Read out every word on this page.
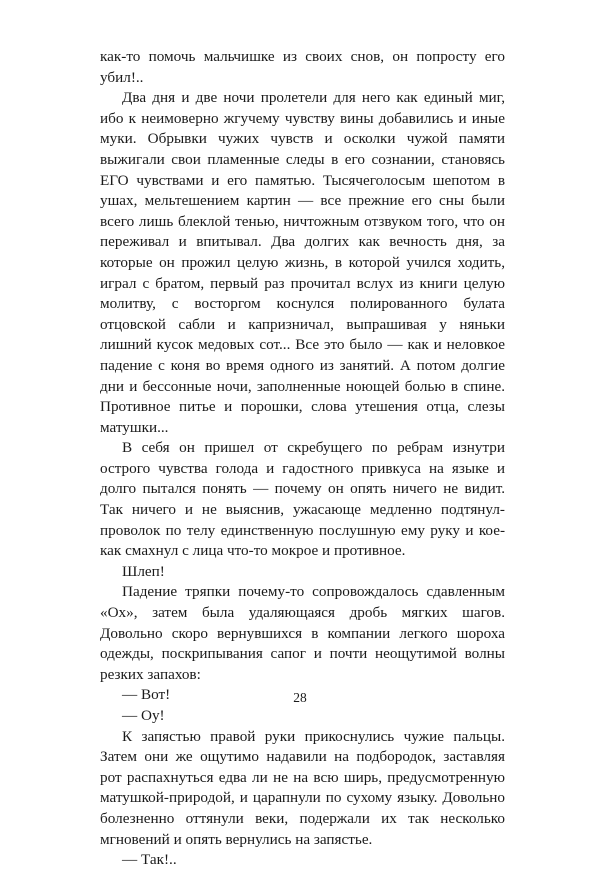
как-то помочь мальчишке из своих снов, он попросту его убил!..

Два дня и две ночи пролетели для него как единый миг, ибо к неимоверно жгучему чувству вины добавились и иные муки. Обрывки чужих чувств и осколки чужой памяти выжигали свои пламенные следы в его сознании, становясь ЕГО чувствами и его памятью. Тысячеголосым шепотом в ушах, мельтешением картин — все прежние его сны были всего лишь блеклой тенью, ничтожным отзвуком того, что он переживал и впитывал. Два долгих как вечность дня, за которые он прожил целую жизнь, в которой учился ходить, играл с братом, первый раз прочитал вслух из книги целую молитву, с восторгом коснулся полированного булата отцовской сабли и капризничал, выпрашивая у няньки лишний кусок медовых сот... Все это было — как и неловкое падение с коня во время одного из занятий. А потом долгие дни и бессонные ночи, заполненные ноющей болью в спине. Противное питье и порошки, слова утешения отца, слезы матушки...

В себя он пришел от скребущего по ребрам изнутри острого чувства голода и гадостного привкуса на языке и долго пытался понять — почему он опять ничего не видит. Так ничего и не выяснив, ужасающе медленно подтянул-проволок по телу единственную послушную ему руку и кое-как смахнул с лица что-то мокрое и противное.

Шлеп!

Падение тряпки почему-то сопровождалось сдавленным «Ох», затем была удаляющаяся дробь мягких шагов. Довольно скоро вернувшихся в компании легкого шороха одежды, поскрипывания сапог и почти неощутимой волны резких запахов:

— Вот!

— Оу!

К запястью правой руки прикоснулись чужие пальцы. Затем они же ощутимо надавили на подбородок, заставляя рот распахнуться едва ли не на всю ширь, предусмотренную матушкой-природой, и царапнули по сухому языку. Довольно болезненно оттянули веки, подержали их так несколько мгновений и опять вернулись на запястье.

— Так!..

28
